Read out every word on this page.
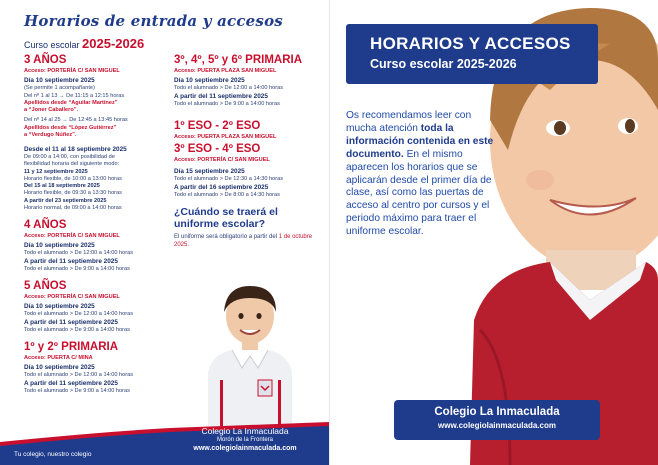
Horarios de entrada y accesos
Curso escolar 2025-2026
3 AÑOS
Acceso: PORTERÍA C/ SAN MIGUEL
Día 10 septiembre 2025
(Se permite 1 acompañante)
Del nº 1 al 13 → De 11:15 a 12:15 horas
Apellidos desde “Aguilar Martínez”
a “Joner Caballero”.
Del nº 14 al 25 → De 12:45 a 13:45 horas
Apellidos desde “López Gutiérrez”
a “Verdugo Núñez”.
Desde el 11 al 18 septiembre 2025
De 09:00 a 14:00, con posibilidad de
flexibilidad horaria del siguiente modo:
11 y 12 septiembre 2025
Horario flexible, de 10:00 a 13:00 horas
Del 15 al 18 septiembre 2025
Horario flexible, de 09:30 a 13:30 horas
A partir del 23 septiembre 2025
Horario normal, de 09:00 a 14:00 horas
4 AÑOS
Acceso: PORTERÍA C/ SAN MIGUEL
Día 10 septiembre 2025
Todo el alumnado > De 12:00 a 14:00 horas
A partir del 11 septiembre 2025
Todo el alumnado > De 9:00 a 14:00 horas
5 AÑOS
Acceso: PORTERÍA C/ SAN MIGUEL
Día 10 septiembre 2025
Todo el alumnado > De 12:00 a 14:00 horas
A partir del 11 septiembre 2025
Todo el alumnado > De 9:00 a 14:00 horas
1º y 2º PRIMARIA
Acceso: PUERTA C/ MINA
Día 10 septiembre 2025
Todo el alumnado > De 12:00 a 14:00 horas
A partir del 11 septiembre 2025
Todo el alumnado > De 9:00 a 14:00 horas
3º, 4º, 5º y 6º PRIMARIA
Acceso: PUERTA PLAZA SAN MIGUEL
Día 10 septiembre 2025
Todo el alumnado > De 12:00 a 14:00 horas
A partir del 11 septiembre 2025
Todo el alumnado > De 9:00 a 14:00 horas
1º ESO - 2º ESO
Acceso: PUERTA PLAZA SAN MIGUEL
3º ESO - 4º ESO
Acceso: PORTERÍA C/ SAN MIGUEL
Día 15 septiembre 2025
Todo el alumnado > De 12:30 a 14:30 horas
A partir del 16 septiembre 2025
Todo el alumnado > De 8:00 a 14:30 horas
¿Cuándo se traerá el uniforme escolar?
El uniforme será obligatorio a partir del 1 de octubre 2025.
Tu colegio, nuestro colegio
Colegio La Inmaculada
Morón de la Frontera
www.colegiolainmaculada.com
HORARIOS Y ACCESOS
Curso escolar 2025-2026
Os recomendamos leer con mucha atención toda la información contenida en este documento. En el mismo aparecen los horarios que se aplicarán desde el primer día de clase, así como las puertas de acceso al centro por cursos y el periodo máximo para traer el uniforme escolar.
Colegio La Inmaculada
www.colegiolainmaculada.com
